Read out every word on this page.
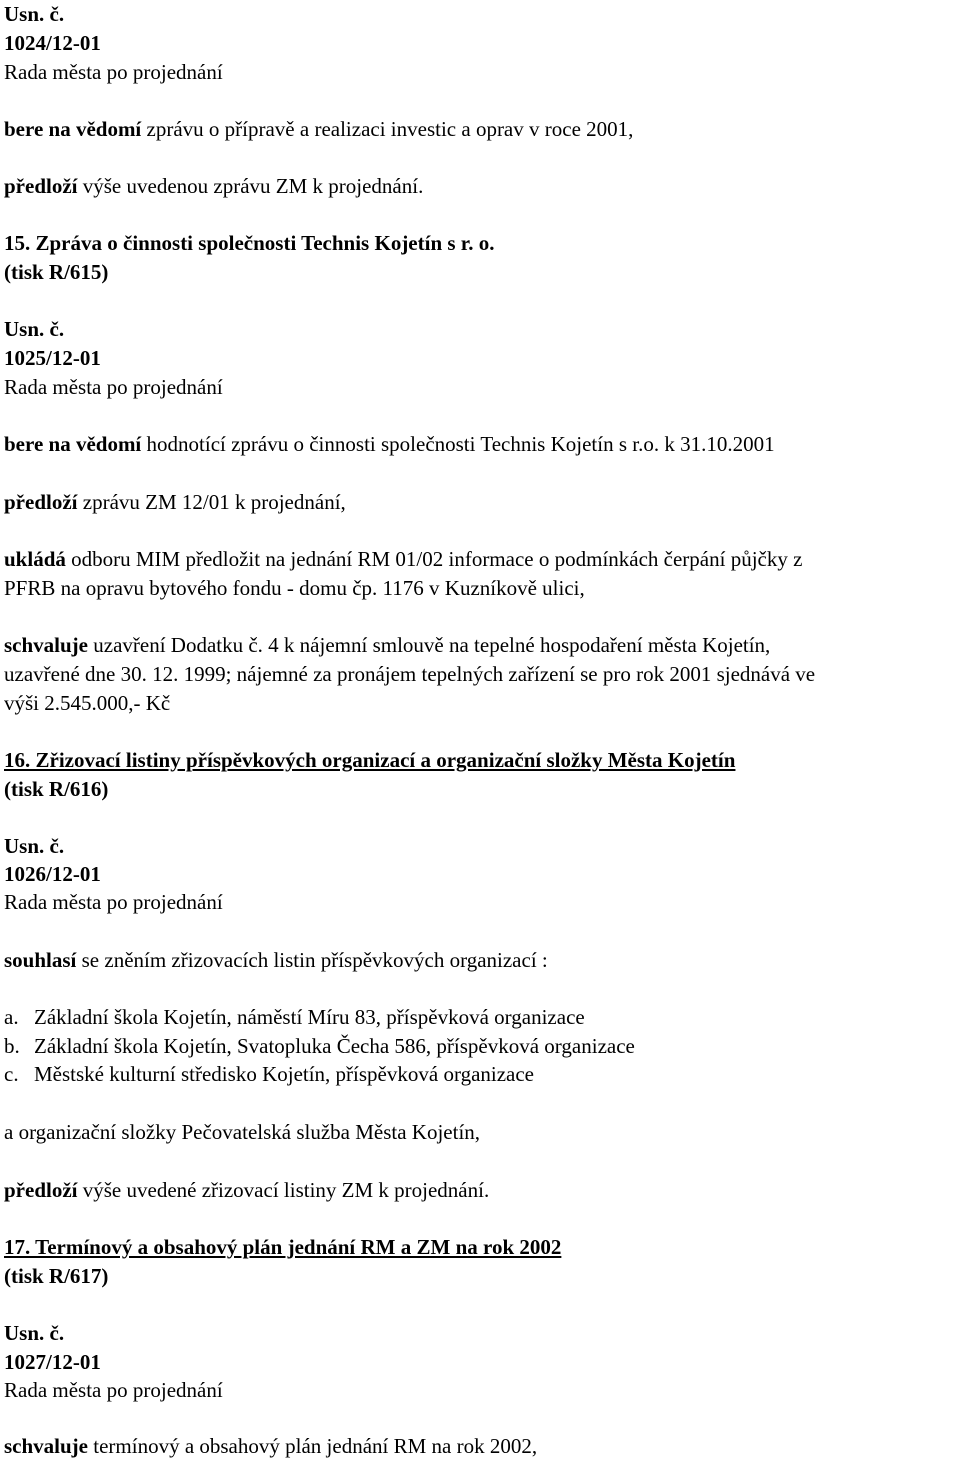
Usn. č.
1024/12-01
Rada města po projednání
bere na vědomí zprávu o přípravě a realizaci investic a oprav v roce 2001,
předloží výše uvedenou zprávu ZM k projednání.
15. Zpráva o činnosti společnosti Technis Kojetín s r. o.
(tisk R/615)
Usn. č.
1025/12-01
Rada města po projednání
bere na vědomí hodnotící zprávu o činnosti společnosti Technis Kojetín s r.o. k 31.10.2001
předloží zprávu ZM 12/01 k projednání,
ukládá odboru MIM předložit na jednání RM 01/02 informace o podmínkách čerpání půjčky z
PFRB na opravu bytového fondu - domu čp. 1176 v Kuzníkově ulici,
schvaluje uzavření Dodatku č. 4 k nájemní smlouvě na tepelné hospodaření města Kojetín,
uzavřené dne 30. 12. 1999; nájemné za pronájem tepelných zařízení se pro rok 2001 sjednává ve
výši 2.545.000,- Kč
16. Zřizovací listiny příspěvkových organizací a organizační složky Města Kojetín
(tisk R/616)
Usn. č.
1026/12-01
Rada města po projednání
souhlasí se zněním zřizovacích listin příspěvkových organizací :
a. Základní škola Kojetín, náměstí Míru 83, příspěvková organizace
b. Základní škola Kojetín, Svatopluka Čecha 586, příspěvková organizace
c. Městské kulturní středisko Kojetín, příspěvková organizace
a organizační složky Pečovatelská služba Města Kojetín,
předloží výše uvedené zřizovací listiny ZM k projednání.
17. Termínový a obsahový plán jednání RM a ZM na rok 2002
(tisk R/617)
Usn. č.
1027/12-01
Rada města po projednání
schvaluje termínový a obsahový plán jednání RM na rok 2002,
